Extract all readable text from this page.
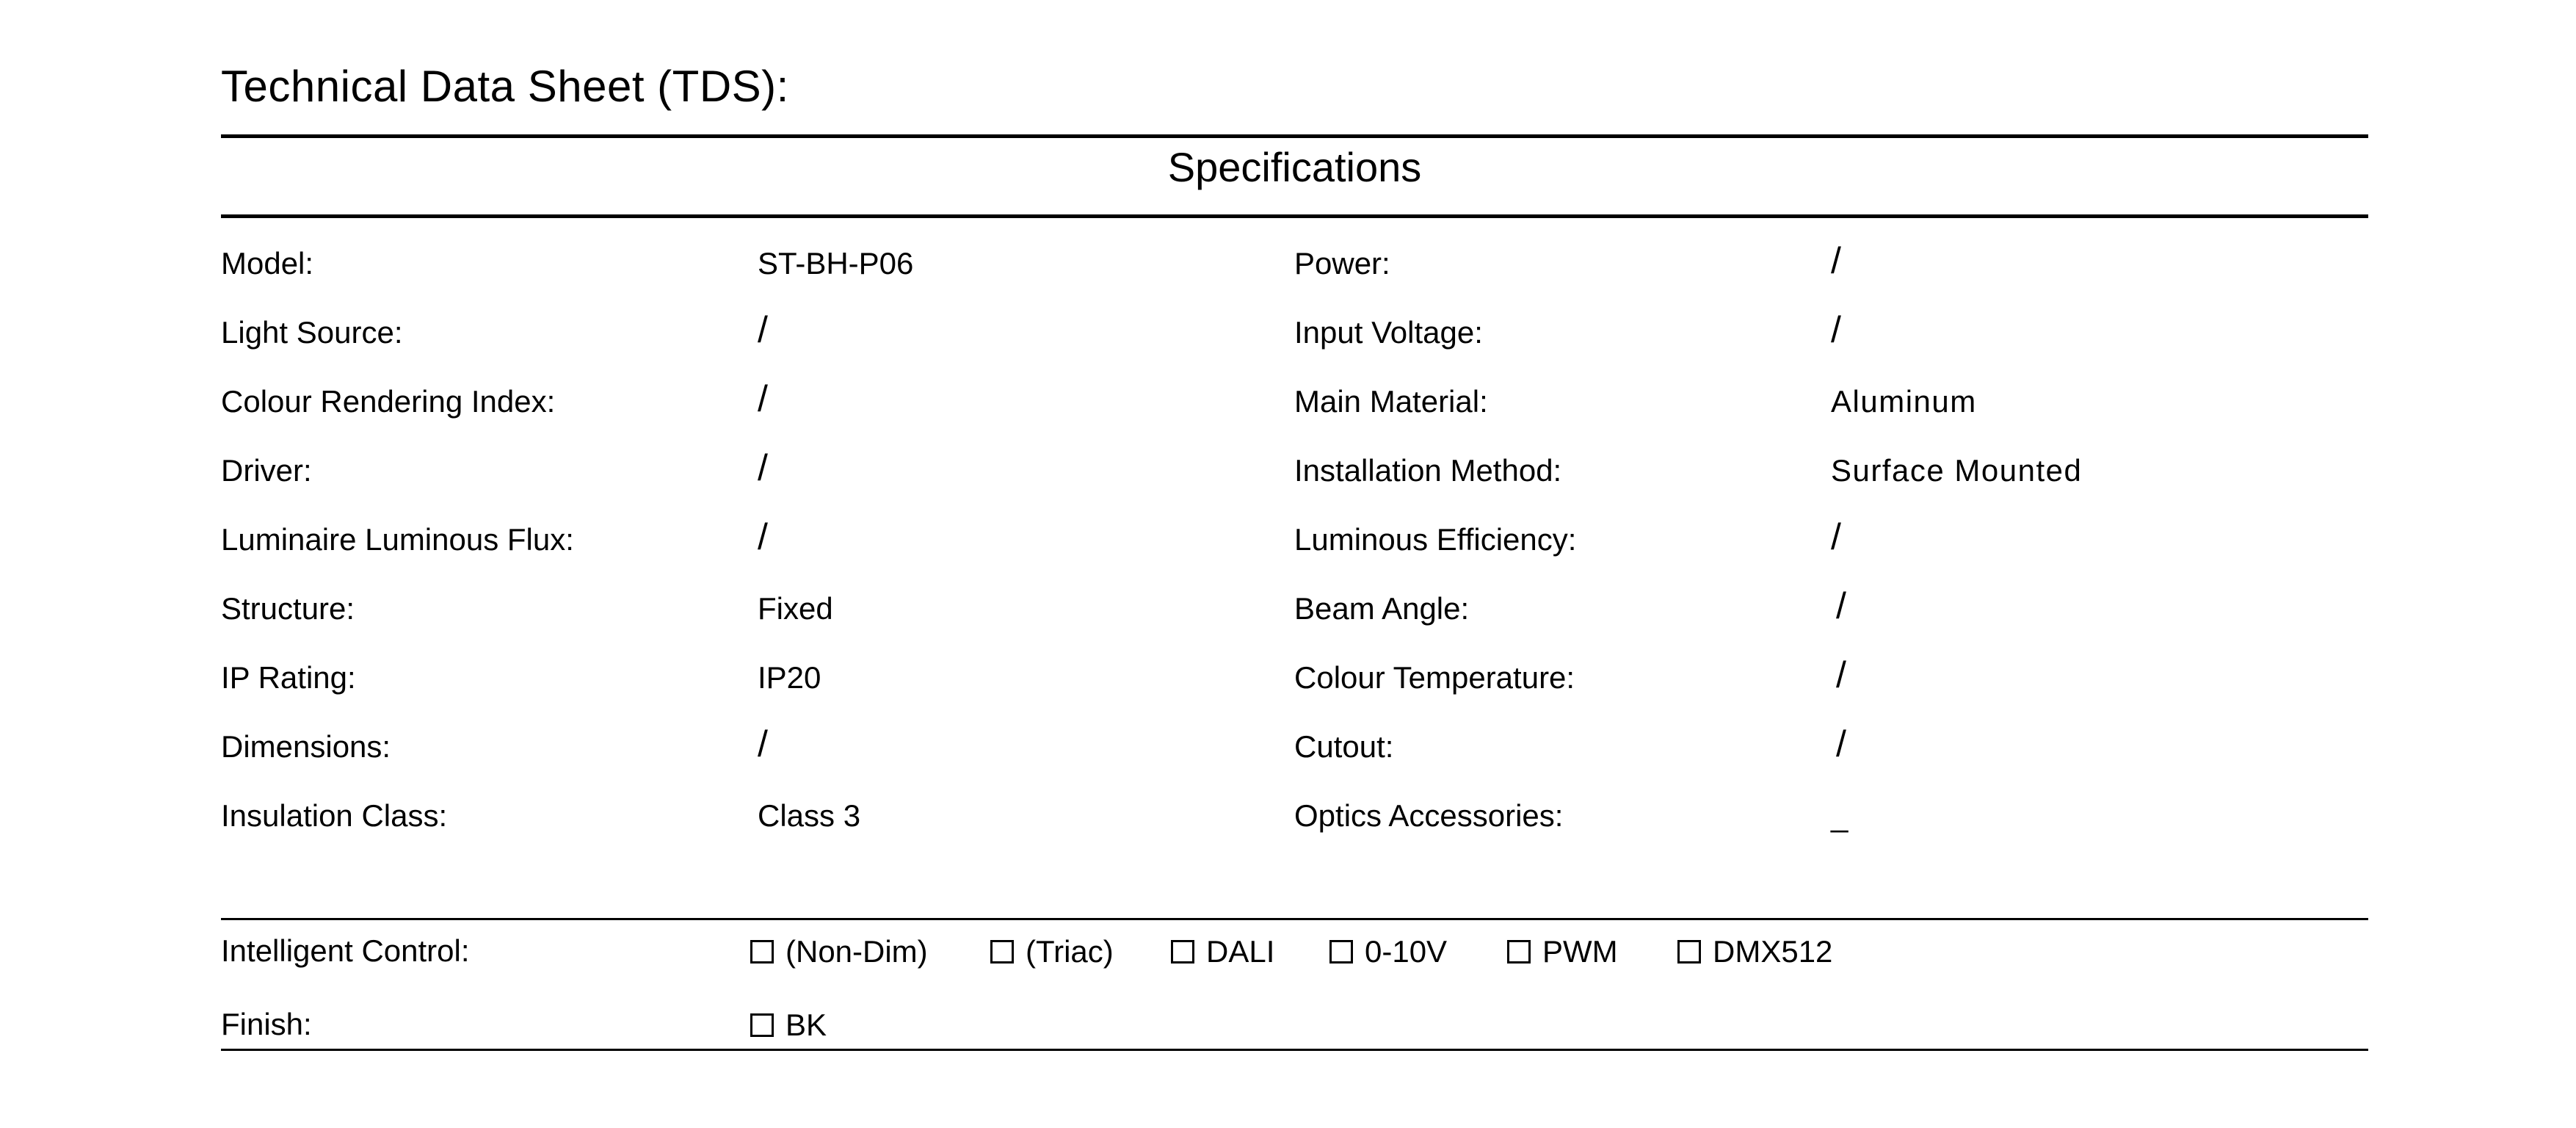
Technical Data Sheet (TDS):
Specifications
Model:	ST-BH-P06	Power:	/
Light Source:	/	Input Voltage:	/
Colour Rendering Index:	/	Main Material:	Aluminum
Driver:	/	Installation Method:	Surface Mounted
Luminaire Luminous Flux:	/	Luminous Efficiency:	/
Structure:	Fixed	Beam Angle:	/
IP Rating:	IP20	Colour Temperature:	/
Dimensions:	/	Cutout:	/
Insulation Class:	Class 3	Optics Accessories:	_
Intelligent Control:	(Non-Dim)	(Triac)	DALI	0-10V	PWM	DMX512
Finish:	BK
